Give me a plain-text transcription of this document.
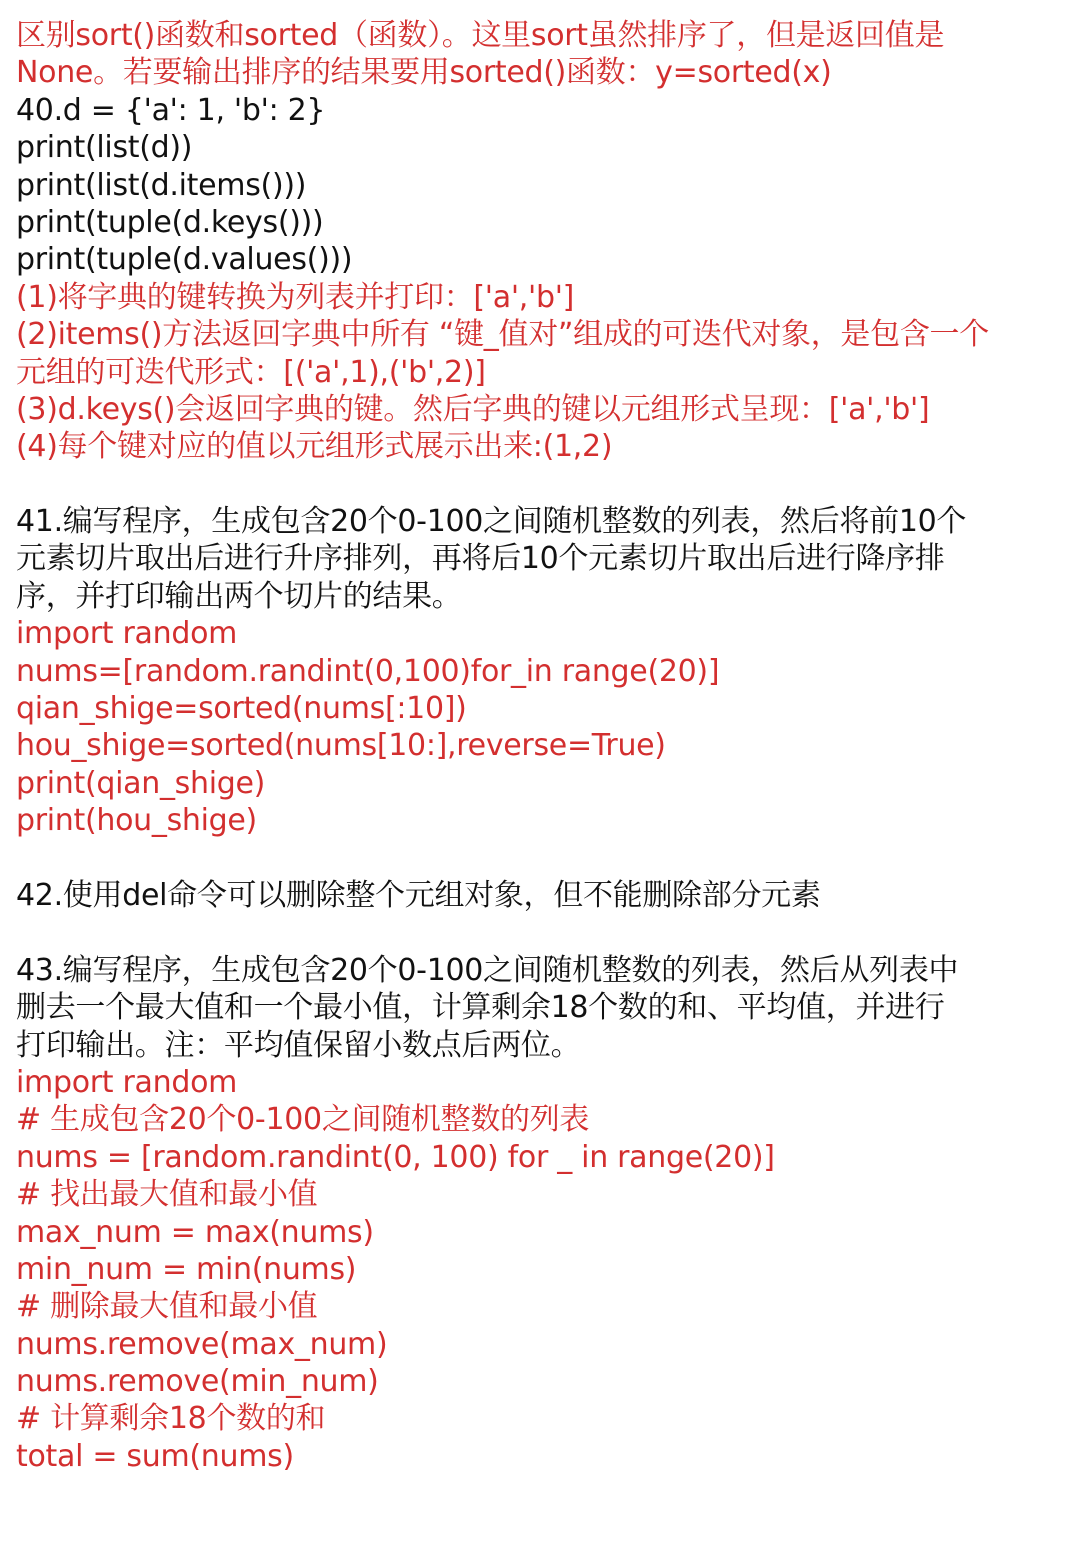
区别sort()函数和sorted（函数）。这里sort虽然排序了，但是返回值是
None。若要输出排序的结果要用sorted()函数：y=sorted(x)
40.d = {'a': 1, 'b': 2}
print(list(d))
print(list(d.items()))
print(tuple(d.keys()))
print(tuple(d.values()))
(1)将字典的键转换为列表并打印：['a','b']
(2)items()方法返回字典中所有 “键_值对”组成的可迭代对象，是包含一个
元组的可迭代形式：[('a',1),('b',2)]
(3)d.keys()会返回字典的键。然后字典的键以元组形式呈现：['a','b']
(4)每个键对应的值以元组形式展示出来:(1,2)
41.编写程序，生成包含20个0-100之间随机整数的列表，然后将前10个
元素切片取出后进行升序排列，再将后10个元素切片取出后进行降序排
序，并打印输出两个切片的结果。
import random
nums=[random.randint(0,100)for_in range(20)]
qian_shige=sorted(nums[:10])
hou_shige=sorted(nums[10:],reverse=True)
print(qian_shige)
print(hou_shige)
42.使用del命令可以删除整个元组对象，但不能删除部分元素
43.编写程序，生成包含20个0-100之间随机整数的列表，然后从列表中
删去一个最大值和一个最小值，计算剩余18个数的和、平均值，并进行
打印输出。注：平均值保留小数点后两位。
import random
# 生成包含20个0-100之间随机整数的列表
nums = [random.randint(0, 100) for _ in range(20)]
# 找出最大值和最小值
max_num = max(nums)
min_num = min(nums)
# 删除最大值和最小值
nums.remove(max_num)
nums.remove(min_num)
# 计算剩余18个数的和
total = sum(nums)
